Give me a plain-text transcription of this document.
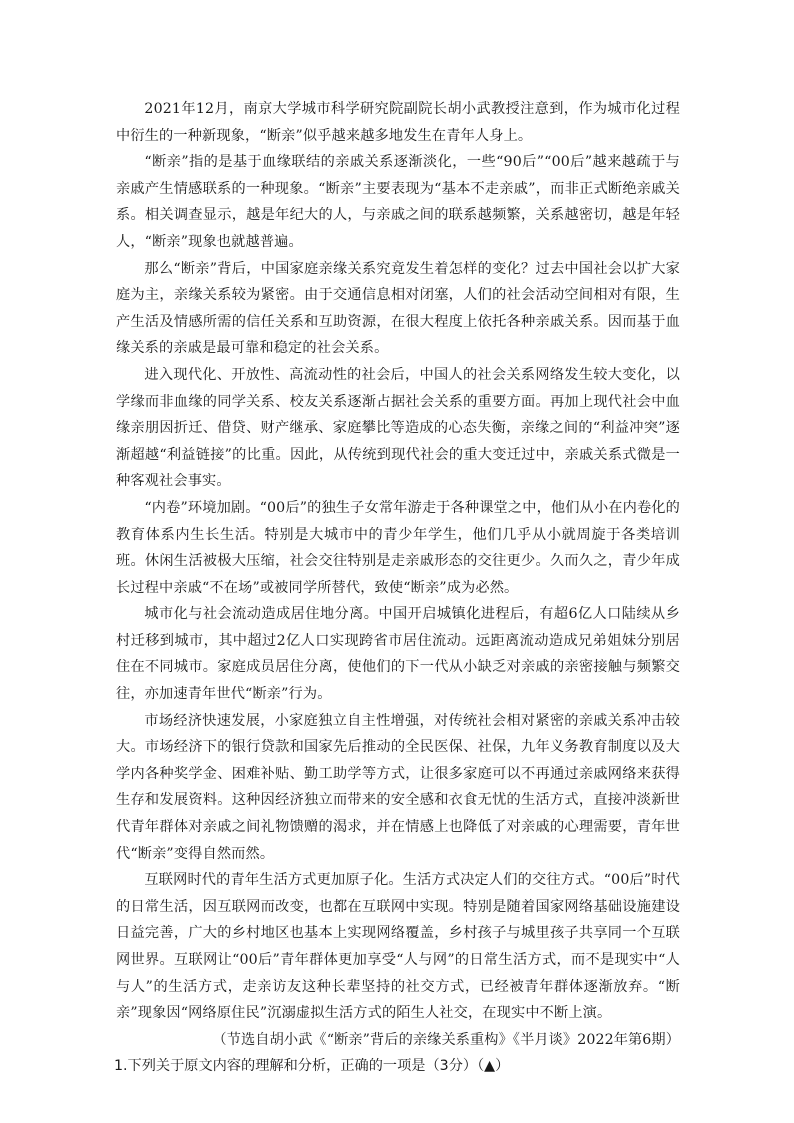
2021年12月，南京大学城市科学研究院副院长胡小武教授注意到，作为城市化过程中衍生的一种新现象，“断亲”似乎越来越多地发生在青年人身上。

“断亲”指的是基于血缘联结的亲戚关系逐渐淡化，一些“90后”“00后”越来越疏于与亲戚产生情感联系的一种现象。“断亲”主要表现为“基本不走亲戚”，而非正式断绝亲戚关系。相关调查显示，越是年纪大的人，与亲戚之间的联系越频繁，关系越密切，越是年轻人，“断亲”现象也就越普遍。

那么“断亲”背后，中国家庭亲缘关系究竟发生着怎样的变化？过去中国社会以扩大家庭为主，亲缘关系较为紧密。由于交通信息相对闭塞，人们的社会活动空间相对有限，生产生活及情感所需的信任关系和互助资源，在很大程度上依托各种亲戚关系。因而基于血缘关系的亲戚是最可靠和稳定的社会关系。

进入现代化、开放性、高流动性的社会后，中国人的社会关系网络发生较大变化，以学缘而非血缘的同学关系、校友关系逐渐占据社会关系的重要方面。再加上现代社会中血缘亲朋因折迁、借贷、财产继承、家庭攀比等造成的心态失衡，亲缘之间的“利益冲突”逐渐超越“利益链接”的比重。因此，从传统到现代社会的重大变迁过中，亲戚关系式微是一种客观社会事实。

“内卷”环境加剧。“00后”的独生子女常年游走于各种课堂之中，他们从小在内卷化的教育体系内生长生活。特别是大城市中的青少年学生，他们几乎从小就周旋于各类培训班。休闲生活被极大压缩，社会交往特别是走亲戚形态的交往更少。久而久之，青少年成长过程中亲戚“不在场”或被同学所替代，致使“断亲”成为必然。

城市化与社会流动造成居住地分离。中国开启城镇化进程后，有超6亿人口陆续从乡村迁移到城市，其中超过2亿人口实现跨省市居住流动。远距离流动造成兄弟姐妹分别居住在不同城市。家庭成员居住分离，使他们的下一代从小缺乏对亲戚的亲密接触与频繁交往，亦加速青年世代“断亲”行为。

市场经济快速发展，小家庭独立自主性增强，对传统社会相对紧密的亲戚关系冲击较大。市场经济下的银行贷款和国家先后推动的全民医保、社保，九年义务教育制度以及大学内各种奖学金、困难补贴、勤工助学等方式，让很多家庭可以不再通过亲戚网络来获得生存和发展资料。这种因经济独立而带来的安全感和衣食无忧的生活方式，直接冲淡新世代青年群体对亲戚之间礼物馈赠的渴求，并在情感上也降低了对亲戚的心理需要，青年世代“断亲”变得自然而然。

互联网时代的青年生活方式更加原子化。生活方式决定人们的交往方式。“00后”时代的日常生活，因互联网而改变，也都在互联网中实现。特别是随着国家网络基础设施建设日益完善，广大的乡村地区也基本上实现网络覆盖，乡村孩子与城里孩子共享同一个互联网世界。互联网让“00后”青年群体更加享受“人与网”的日常生活方式，而不是现实中“人与人”的生活方式，走亲访友这种长辈坚持的社交方式，已经被青年群体逐渐放弃。“断亲”现象因“网络原住民”沉溺虚拟生活方式的陌生人社交，在现实中不断上演。

（节选自胡小武《“断亲”背后的亲缘关系重构》《半月谈》2022年第6期）

1.下列关于原文内容的理解和分析，正确的一项是（3分）（▲）
